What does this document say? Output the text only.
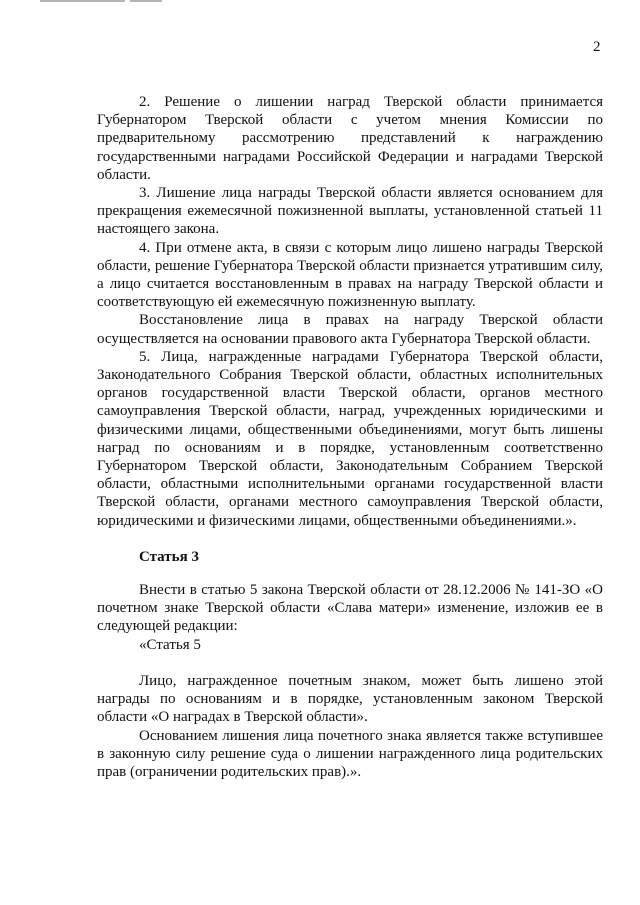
2

2. Решение о лишении наград Тверской области принимается Губернатором Тверской области с учетом мнения Комиссии по предварительному рассмотрению представлений к награждению государственными наградами Российской Федерации и наградами Тверской области.

3. Лишение лица награды Тверской области является основанием для прекращения ежемесячной пожизненной выплаты, установленной статьей 11 настоящего закона.

4. При отмене акта, в связи с которым лицо лишено награды Тверской области, решение Губернатора Тверской области признается утратившим силу, а лицо считается восстановленным в правах на награду Тверской области и соответствующую ей ежемесячную пожизненную выплату.

Восстановление лица в правах на награду Тверской области осуществляется на основании правового акта Губернатора Тверской области.

5. Лица, награжденные наградами Губернатора Тверской области, Законодательного Собрания Тверской области, областных исполнительных органов государственной власти Тверской области, органов местного самоуправления Тверской области, наград, учрежденных юридическими и физическими лицами, общественными объединениями, могут быть лишены наград по основаниям и в порядке, установленным соответственно Губернатором Тверской области, Законодательным Собранием Тверской области, областными исполнительными органами государственной власти Тверской области, органами местного самоуправления Тверской области, юридическими и физическими лицами, общественными объединениями.».

Статья 3

Внести в статью 5 закона Тверской области от 28.12.2006 № 141-ЗО «О почетном знаке Тверской области «Слава матери» изменение, изложив ее в следующей редакции:

«Статья 5

Лицо, награжденное почетным знаком, может быть лишено этой награды по основаниям и в порядке, установленным законом Тверской области «О наградах в Тверской области».

Основанием лишения лица почетного знака является также вступившее в законную силу решение суда о лишении награжденного лица родительских прав (ограничении родительских прав).».
